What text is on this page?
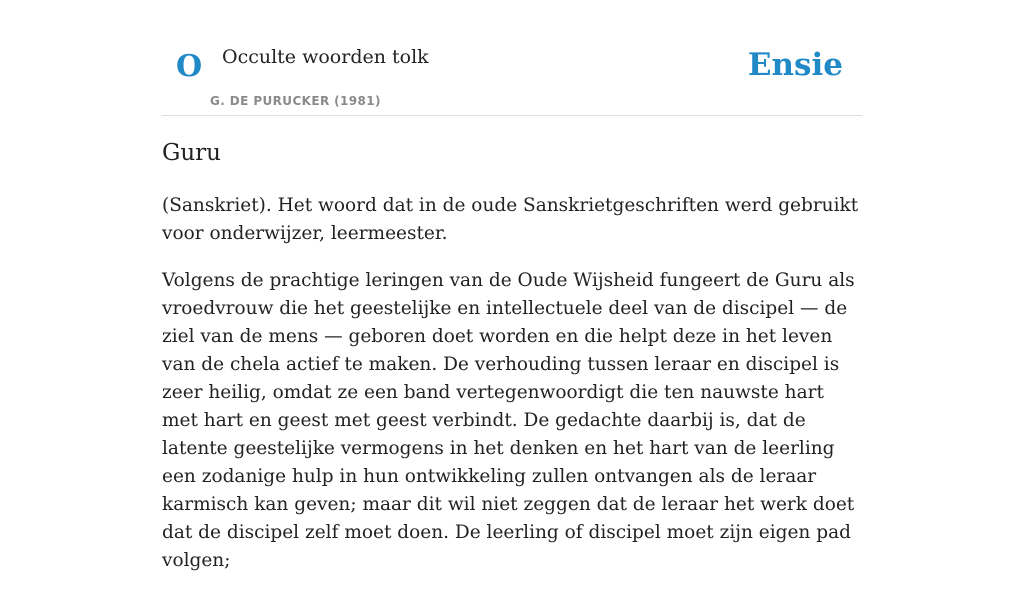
O Occulte woorden tolk
G. DE PURUCKER (1981)
Ensie
Guru

(Sanskriet). Het woord dat in de oude Sanskrietgeschriften werd gebruikt voor onderwijzer, leermeester.

Volgens de prachtige leringen van de Oude Wijsheid fungeert de Guru als vroedvrouw die het geestelijke en intellectuele deel van de discipel — de ziel van de mens — geboren doet worden en die helpt deze in het leven van de chela actief te maken. De verhouding tussen leraar en discipel is zeer heilig, omdat ze een band vertegenwoordigt die ten nauwste hart met hart en geest met geest verbindt. De gedachte daarbij is, dat de latente geestelijke vermogens in het denken en het hart van de leerling een zodanige hulp in hun ontwikkeling zullen ontvangen als de leraar karmisch kan geven; maar dit wil niet zeggen dat de leraar het werk doet dat de discipel zelf moet doen. De leerling of discipel moet zijn eigen pad volgen;
